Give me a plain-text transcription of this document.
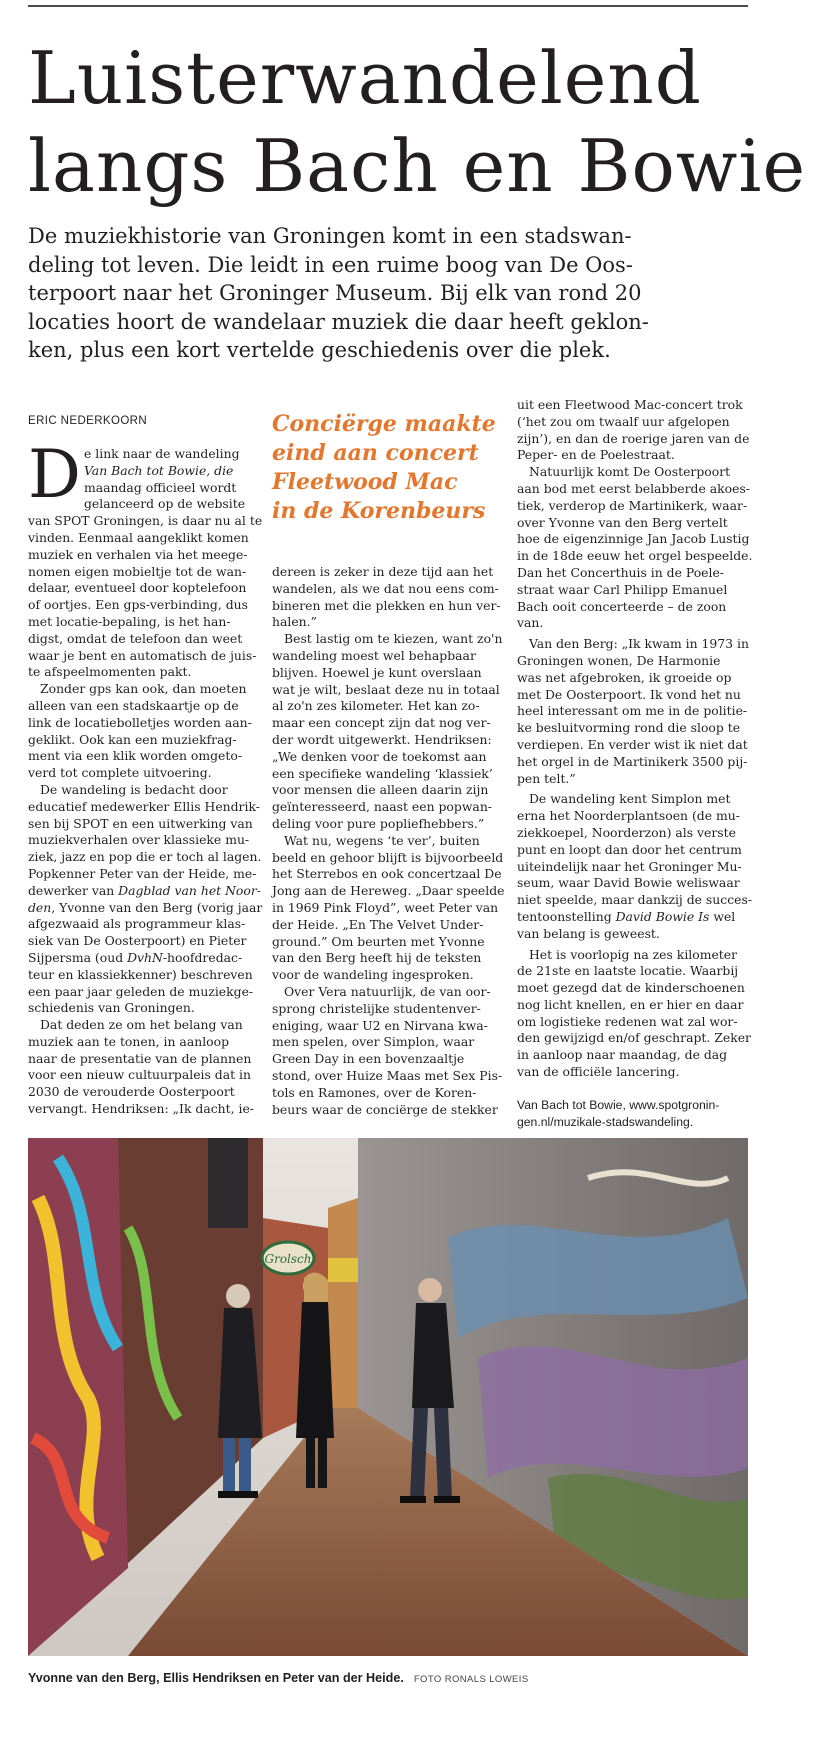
Luisterwandelend
langs Bach en Bowie

De muziekhistorie van Groningen komt in een stadswan-
deling tot leven. Die leidt in een ruime boog van De Oos-
terpoort naar het Groninger Museum. Bij elk van rond 20
locaties hoort de wandelaar muziek die daar heeft geklon-
ken, plus een kort vertelde geschiedenis over die plek.

ERIC NEDERKOORN
D e link naar de wandeling
Van Bach tot Bowie, die
maandag officieel wordt
gelanceerd op de website
van SPOT Groningen, is daar nu al te
vinden. Eenmaal aangeklikt komen
muziek en verhalen via het meege-
nomen eigen mobieltje tot de wan-
delaar, eventueel door koptelefoon
of oortjes. Een gps-verbinding, dus
met locatie-bepaling, is het han-
digst, omdat de telefoon dan weet
waar je bent en automatisch de juis-
te afspeelmomenten pakt.
Zonder gps kan ook, dan moeten
alleen van een stadskaartje op de
link de locatiebolletjes worden aan-
geklikt. Ook kan een muziekfrag-
ment via een klik worden omgeto-
verd tot complete uitvoering.
De wandeling is bedacht door
educatief medewerker Ellis Hendrik-
sen bij SPOT en een uitwerking van
muziekverhalen over klassieke mu-
ziek, jazz en pop die er toch al lagen.
Popkenner Peter van der Heide, me-
dewerker van Dagblad van het Noor-
den, Yvonne van den Berg (vorig jaar
afgezwaaid als programmeur klas-
siek van De Oosterpoort) en Pieter
Sijpersma (oud DvhN-hoofdredac-
teur en klassiekkenner) beschreven
een paar jaar geleden de muziekge-
schiedenis van Groningen.
Dat deden ze om het belang van
muziek aan te tonen, in aanloop
naar de presentatie van de plannen
voor een nieuw cultuurpaleis dat in
2030 de verouderde Oosterpoort
vervangt. Hendriksen: „Ik dacht, ie-
Conciërge maakte
eind aan concert
Fleetwood Mac
in de Korenbeurs
dereen is zeker in deze tijd aan het
wandelen, als we dat nou eens com-
bineren met die plekken en hun ver-
halen.”
Best lastig om te kiezen, want zo'n
wandeling moest wel behapbaar
blijven. Hoewel je kunt overslaan
wat je wilt, beslaat deze nu in totaal
al zo'n zes kilometer. Het kan zo-
maar een concept zijn dat nog ver-
der wordt uitgewerkt. Hendriksen:
„We denken voor de toekomst aan
een specifieke wandeling ‘klassiek’
voor mensen die alleen daarin zijn
geïnteresseerd, naast een popwan-
deling voor pure popliefhebbers.”
Wat nu, wegens ‘te ver’, buiten
beeld en gehoor blijft is bijvoorbeeld
het Sterrebos en ook concertzaal De
Jong aan de Hereweg. „Daar speelde
in 1969 Pink Floyd”, weet Peter van
der Heide. „En The Velvet Under-
ground.” Om beurten met Yvonne
van den Berg heeft hij de teksten
voor de wandeling ingesproken.
Over Vera natuurlijk, de van oor-
sprong christelijke studentenver-
eniging, waar U2 en Nirvana kwa-
men spelen, over Simplon, waar
Green Day in een bovenzaaltje
stond, over Huize Maas met Sex Pis-
tols en Ramones, over de Koren-
beurs waar de conciërge de stekker
uit een Fleetwood Mac-concert trok
(‘het zou om twaalf uur afgelopen
zijn’), en dan de roerige jaren van de
Peper- en de Poelestraat.
Natuurlijk komt De Oosterpoort
aan bod met eerst belabberde akoes-
tiek, verderop de Martinikerk, waar-
over Yvonne van den Berg vertelt
hoe de eigenzinnige Jan Jacob Lustig
in de 18de eeuw het orgel bespeelde.
Dan het Concerthuis in de Poele-
straat waar Carl Philipp Emanuel
Bach ooit concerteerde – de zoon
van.
Van den Berg: „Ik kwam in 1973 in
Groningen wonen, De Harmonie
was net afgebroken, ik groeide op
met De Oosterpoort. Ik vond het nu
heel interessant om me in de politie-
ke besluitvorming rond die sloop te
verdiepen. En verder wist ik niet dat
het orgel in de Martinikerk 3500 pij-
pen telt.”
De wandeling kent Simplon met
erna het Noorderplantsoen (de mu-
ziekkoepel, Noorderzon) als verste
punt en loopt dan door het centrum
uiteindelijk naar het Groninger Mu-
seum, waar David Bowie weliswaar
niet speelde, maar dankzij de succes-
tentoonstelling David Bowie Is wel
van belang is geweest.
Het is voorlopig na zes kilometer
de 21ste en laatste locatie. Waarbij
moet gezegd dat de kinderschoenen
nog licht knellen, en er hier en daar
om logistieke redenen wat zal wor-
den gewijzigd en/of geschrapt. Zeker
in aanloop naar maandag, de dag
van de officiële lancering.
Van Bach tot Bowie, www.spotgronin-
gen.nl/muzikale-stadswandeling.
Grolsch
Yvonne van den Berg, Ellis Hendriksen en Peter van der Heide. FOTO RONALS LOWEIS
